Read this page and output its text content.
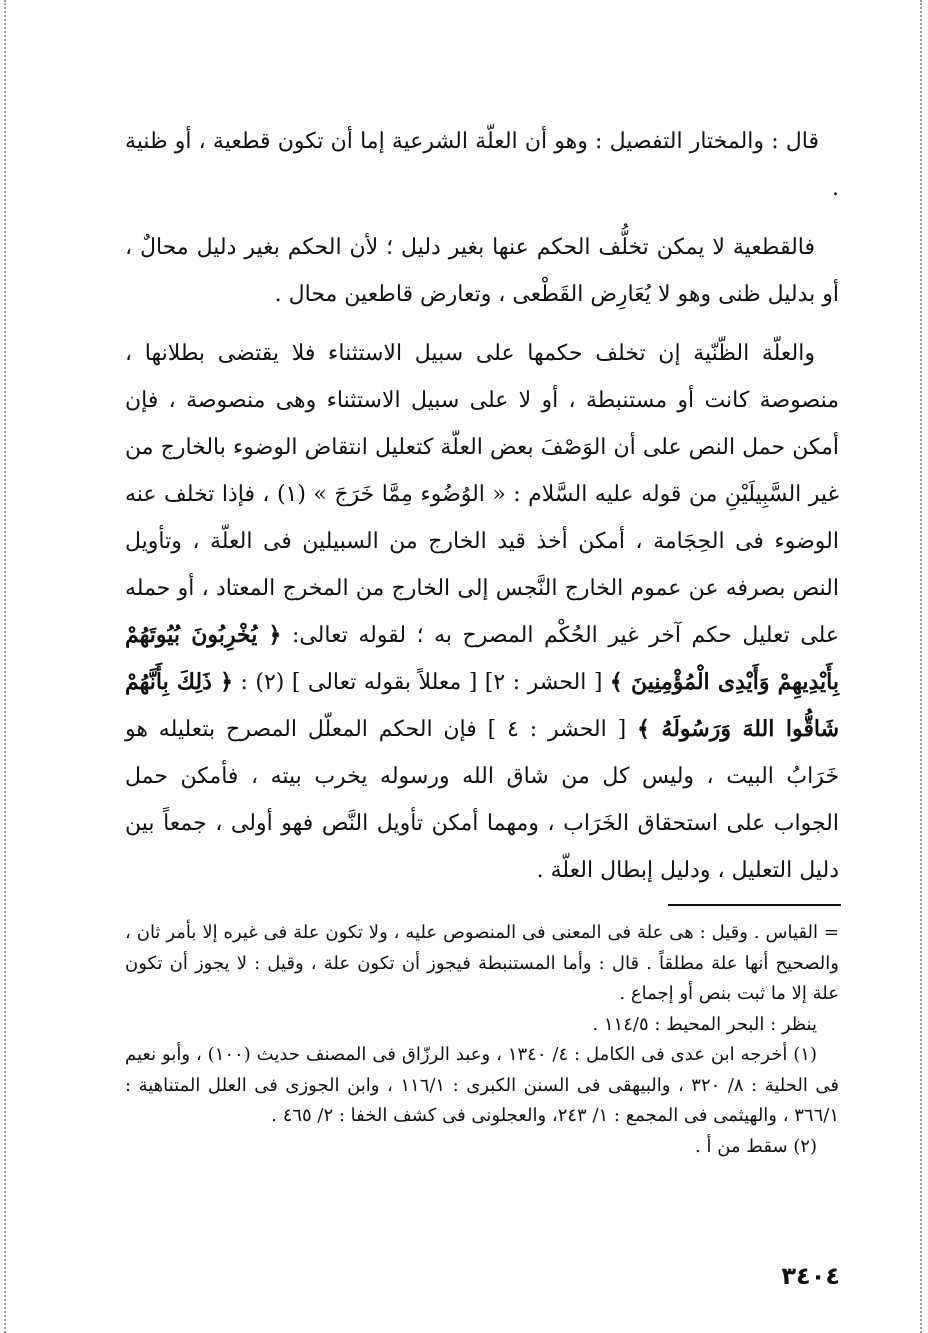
قال : والمختار التفصيل : وهو أن العلّة الشرعية إما أن تكون قطعية ، أو ظنية .

فالقطعية لا يمكن تخلُّف الحكم عنها بغير دليل ؛ لأن الحكم بغير دليل محالٌ ، أو بدليل ظنى وهو لا يُعَارِض القَطْعى ، وتعارض قاطعين محال .

والعلّة الظّنّية إن تخلف حكمها على سبيل الاستثناء فلا يقتضى بطلانها ، منصوصة كانت أو مستنبطة ، أو لا على سبيل الاستثناء وهى منصوصة ، فإن أمكن حمل النص على أن الوَصْفَ بعض العلّة كتعليل انتقاض الوضوء بالخارج من غير السَّبِيلَيْنِ من قوله عليه السَّلام : « الوُضُوء مِمَّا خَرَجَ » (١) ، فإذا تخلف عنه الوضوء فى الحِجَامة ، أمكن أخذ قيد الخارج من السبيلين فى العلّة ، وتأويل النص بصرفه عن عموم الخارج النَّجس إلى الخارج من المخرج المعتاد ، أو حمله على تعليل حكم آخر غير الحُكْم المصرح به ؛ لقوله تعالى: ﴿ يُخْرِبُونَ بُيُوتَهُمْ بِأَيْدِيهِمْ وَأَيْدِى الْمُؤْمِنِينَ ﴾ [ الحشر : ٢] [ معللاً بقوله تعالى ] (٢) : ﴿ ذَلِكَ بِأَنَّهُمْ شَاقُّوا اللهَ وَرَسُولَهُ ﴾ [ الحشر : ٤ ] فإن الحكم المعلّل المصرح بتعليله هو خَرَابُ البيت ، وليس كل من شاق الله ورسوله يخرب بيته ، فأمكن حمل الجواب على استحقاق الخَرَاب ، ومهما أمكن تأويل النَّص فهو أولى ، جمعاً بين دليل التعليل ، ودليل إبطال العلّة .

= القياس . وقيل : هى علة فى المعنى فى المنصوص عليه ، ولا تكون علة فى غيره إلا بأمر ثان ، والصحيح أنها علة مطلقاً . قال : وأما المستنبطة فيجوز أن تكون علة ، وقيل : لا يجوز أن تكون علة إلا ما ثبت بنص أو إجماع .

ينظر : البحر المحيط : ١١٤/٥ .

(١) أخرجه ابن عدى فى الكامل : ٤/ ١٣٤٠ ، وعبد الرزّاق فى المصنف حديث (١٠٠) ، وأبو نعيم فى الحلية : ٨/ ٣٢٠ ، والبيهقى فى السنن الكبرى : ١١٦/١ ، وابن الجوزى فى العلل المتناهية : ٣٦٦/١ ، والهيثمى فى المجمع : ١/ ٢٤٣، والعجلونى فى كشف الخفا : ٢/ ٤٦٥ .

(٢) سقط من أ .

٣٤٠٤
